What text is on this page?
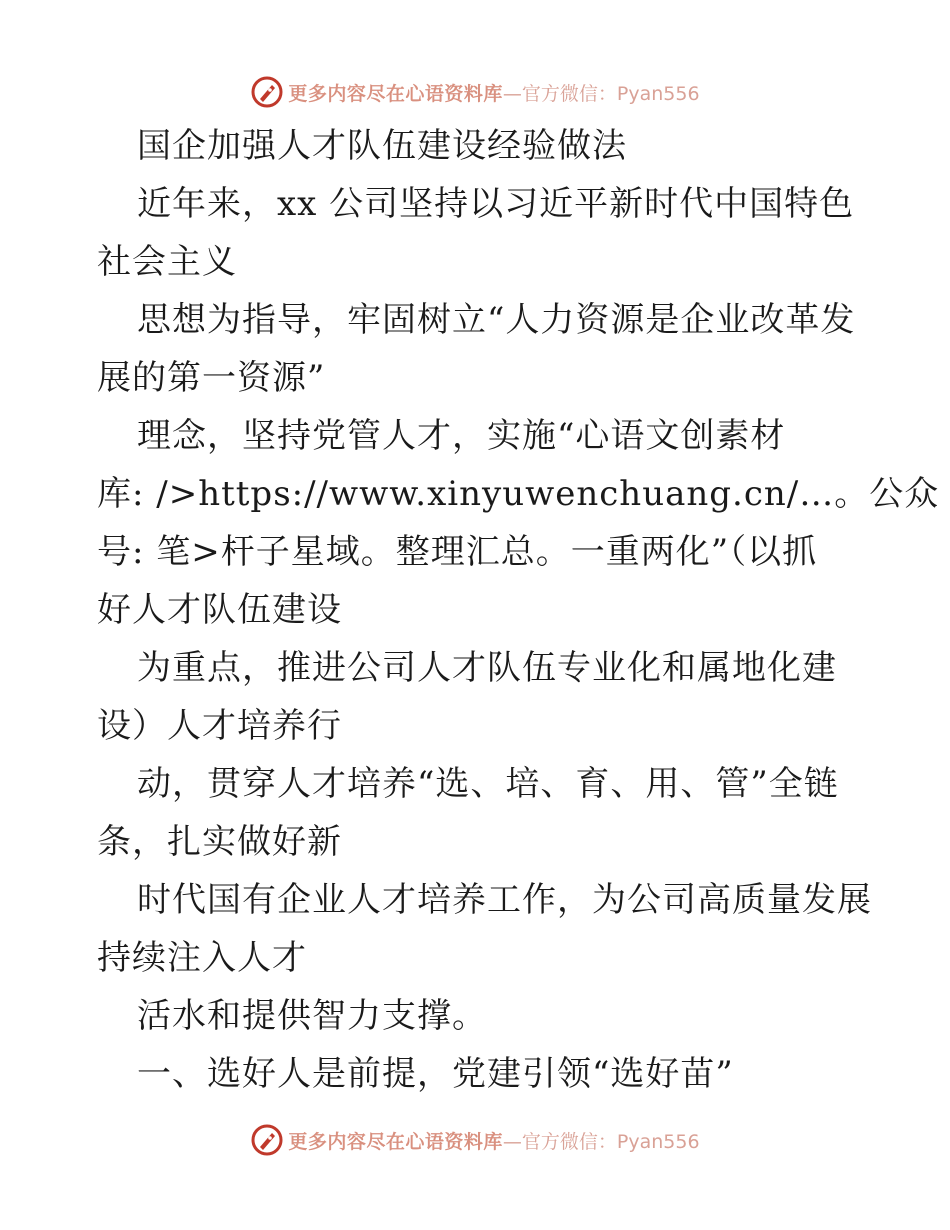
更多内容尽在心语资料库 —官方微信：Pyan556
国企加强人才队伍建设经验做法
近年来，xx 公司坚持以习近平新时代中国特色
社会主义
思想为指导，牢固树立“人力资源是企业改革发
展的第一资源”
理念，坚持党管人才，实施“心语文创素材
库: />https://www.xinyuwenchuang.cn/…。公众
号: 笔>杆子星域。整理汇总。一重两化”（以抓
好人才队伍建设
为重点，推进公司人才队伍专业化和属地化建
设）人才培养行
动，贯穿人才培养“选、培、育、用、管”全链
条，扎实做好新
时代国有企业人才培养工作，为公司高质量发展
持续注入人才
活水和提供智力支撑。
一、选好人是前提，党建引领“选好苗”
更多内容尽在心语资料库 —官方微信：Pyan556
